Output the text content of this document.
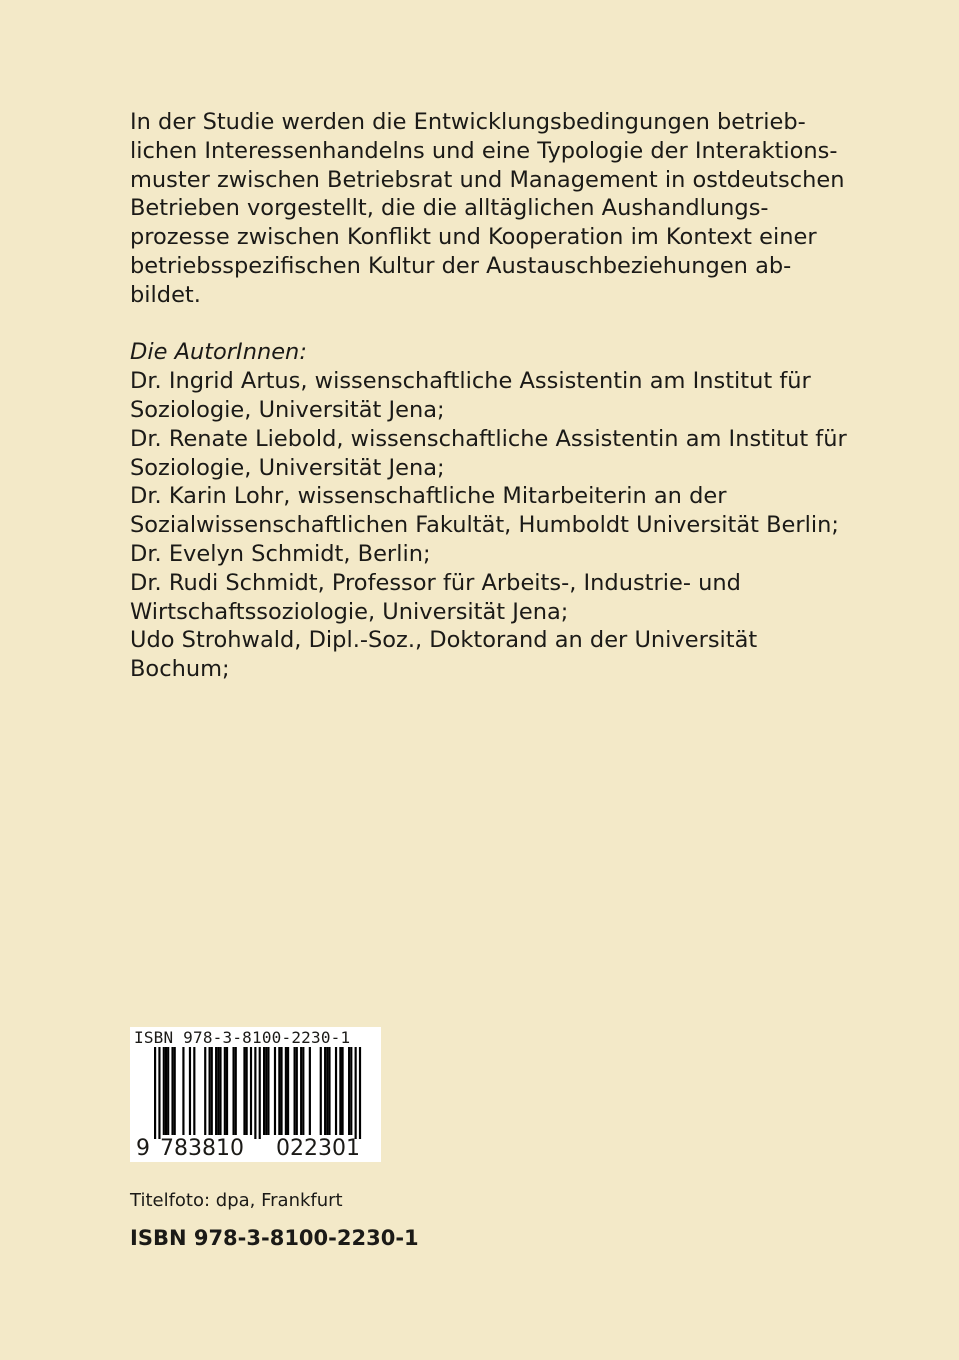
In der Studie werden die Entwicklungsbedingungen betrieb-
lichen Interessenhandelns und eine Typologie der Interaktions-
muster zwischen Betriebsrat und Management in ostdeutschen
Betrieben vorgestellt, die die alltäglichen Aushandlungs-
prozesse zwischen Konflikt und Kooperation im Kontext einer
betriebsspezifischen Kultur der Austauschbeziehungen ab-
bildet.
Die AutorInnen:
Dr. Ingrid Artus, wissenschaftliche Assistentin am Institut für
Soziologie, Universität Jena;
Dr. Renate Liebold, wissenschaftliche Assistentin am Institut für
Soziologie, Universität Jena;
Dr. Karin Lohr, wissenschaftliche Mitarbeiterin an der
Sozialwissenschaftlichen Fakultät, Humboldt Universität Berlin;
Dr. Evelyn Schmidt, Berlin;
Dr. Rudi Schmidt, Professor für Arbeits-, Industrie- und
Wirtschaftssoziologie, Universität Jena;
Udo Strohwald, Dipl.-Soz., Doktorand an der Universität
Bochum;
ISBN 978-3-8100-2230-1
9 783810 022301
Titelfoto: dpa, Frankfurt
ISBN 978-3-8100-2230-1
